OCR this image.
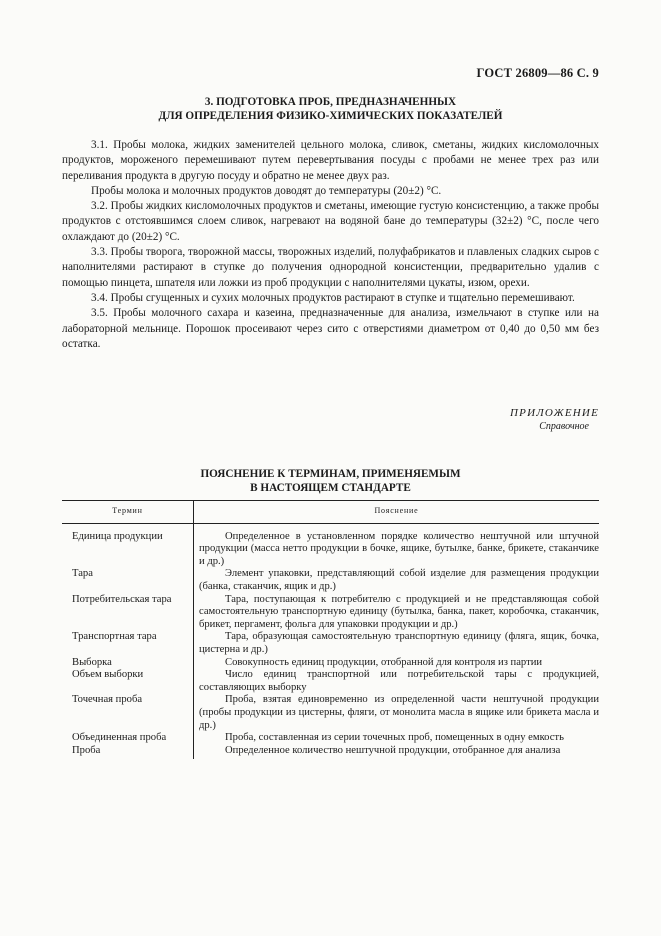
ГОСТ 26809—86 С. 9
3. ПОДГОТОВКА ПРОБ, ПРЕДНАЗНАЧЕННЫХ
ДЛЯ ОПРЕДЕЛЕНИЯ ФИЗИКО-ХИМИЧЕСКИХ ПОКАЗАТЕЛЕЙ

3.1. Пробы молока, жидких заменителей цельного молока, сливок, сметаны, жидких кисломолочных продуктов, мороженого перемешивают путем перевертывания посуды с пробами не менее трех раз или переливания продукта в другую посуду и обратно не менее двух раз.

Пробы молока и молочных продуктов доводят до температуры (20±2) °С.

3.2. Пробы жидких кисломолочных продуктов и сметаны, имеющие густую консистенцию, а также пробы продуктов с отстоявшимся слоем сливок, нагревают на водяной бане до температуры (32±2) °С, после чего охлаждают до (20±2) °С.

3.3. Пробы творога, творожной массы, творожных изделий, полуфабрикатов и плавленых сладких сыров с наполнителями растирают в ступке до получения однородной консистенции, предварительно удалив с помощью пинцета, шпателя или ложки из проб продукции с наполнителями цукаты, изюм, орехи.

3.4. Пробы сгущенных и сухих молочных продуктов растирают в ступке и тщательно перемешивают.

3.5. Пробы молочного сахара и казеина, предназначенные для анализа, измельчают в ступке или на лабораторной мельнице. Порошок просеивают через сито с отверстиями диаметром от 0,40 до 0,50 мм без остатка.

ПРИЛОЖЕНИЕ
Справочное
ПОЯСНЕНИЕ К ТЕРМИНАМ, ПРИМЕНЯЕМЫМ
В НАСТОЯЩЕМ СТАНДАРТЕ
Термин	Пояснение
Единица продукции	Определенное в установленном порядке количество нештучной или штучной продукции (масса нетто продукции в бочке, ящике, бутылке, банке, брикете, стаканчике и др.)
Тара	Элемент упаковки, представляющий собой изделие для размещения продукции (банка, стаканчик, ящик и др.)
Потребительская тара	Тара, поступающая к потребителю с продукцией и не представляющая собой самостоятельную транспортную единицу (бутылка, банка, пакет, коробочка, стаканчик, брикет, пергамент, фольга для упаковки продукции и др.)
Транспортная тара	Тара, образующая самостоятельную транспортную единицу (фляга, ящик, бочка, цистерна и др.)
Выборка	Совокупность единиц продукции, отобранной для контроля из партии
Объем выборки	Число единиц транспортной или потребительской тары с продукцией, составляющих выборку
Точечная проба	Проба, взятая единовременно из определенной части нештучной продукции (пробы продукции из цистерны, фляги, от монолита масла в ящике или брикета масла и др.)
Объединенная проба	Проба, составленная из серии точечных проб, помещенных в одну емкость
Проба	Определенное количество нештучной продукции, отобранное для анализа
